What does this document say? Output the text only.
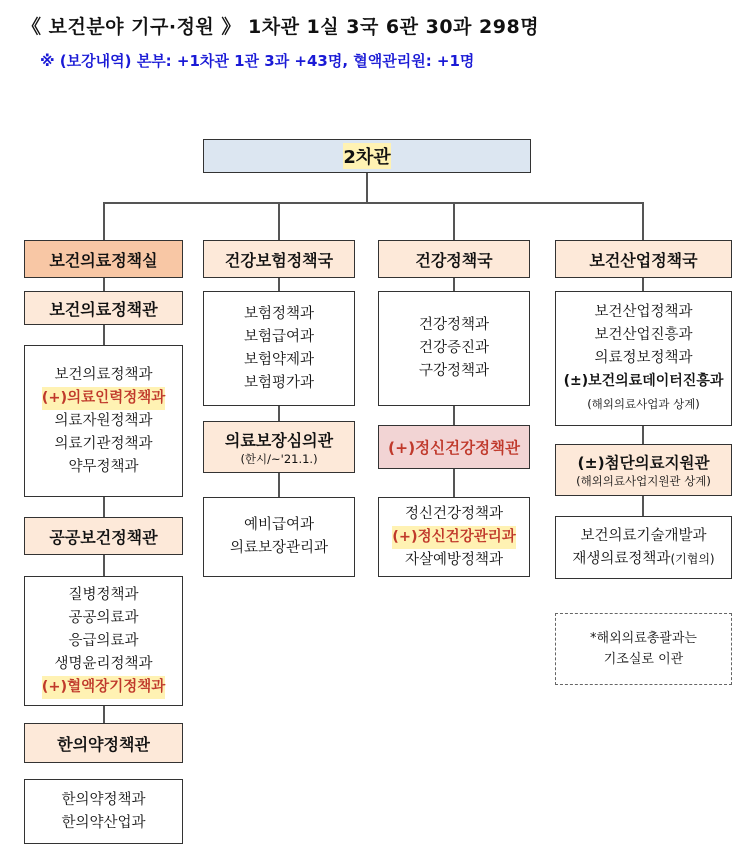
《 보건분야 기구·정원 》 1차관 1실 3국 6관 30과 298명
※ (보강내역) 본부: +1차관 1관 3과 +43명, 혈액관리원: +1명
2차관
보건의료정책실
보건의료정책관
보건의료정책과
(+)의료인력정책과
의료자원정책과
의료기관정책과
약무정책과
공공보건정책관
질병정책과
공공의료과
응급의료과
생명윤리정책과
(+)혈액장기정책과
한의약정책관
한의약정책과
한의약산업과
건강보험정책국
보험정책과
보험급여과
보험약제과
보험평가과
의료보장심의관
(한시/~'21.1.)
예비급여과
의료보장관리과
건강정책국
건강정책과
건강증진과
구강정책과
(+)정신건강정책관
정신건강정책과
(+)정신건강관리과
자살예방정책과
보건산업정책국
보건산업정책과
보건산업진흥과
의료정보정책과
(±)보건의료데이터진흥과
(해외의료사업과 상계)
(±)첨단의료지원관
(해외의료사업지원관 상계)
보건의료기술개발과
재생의료정책과(기협의)
*해외의료총괄과는
기조실로 이관
